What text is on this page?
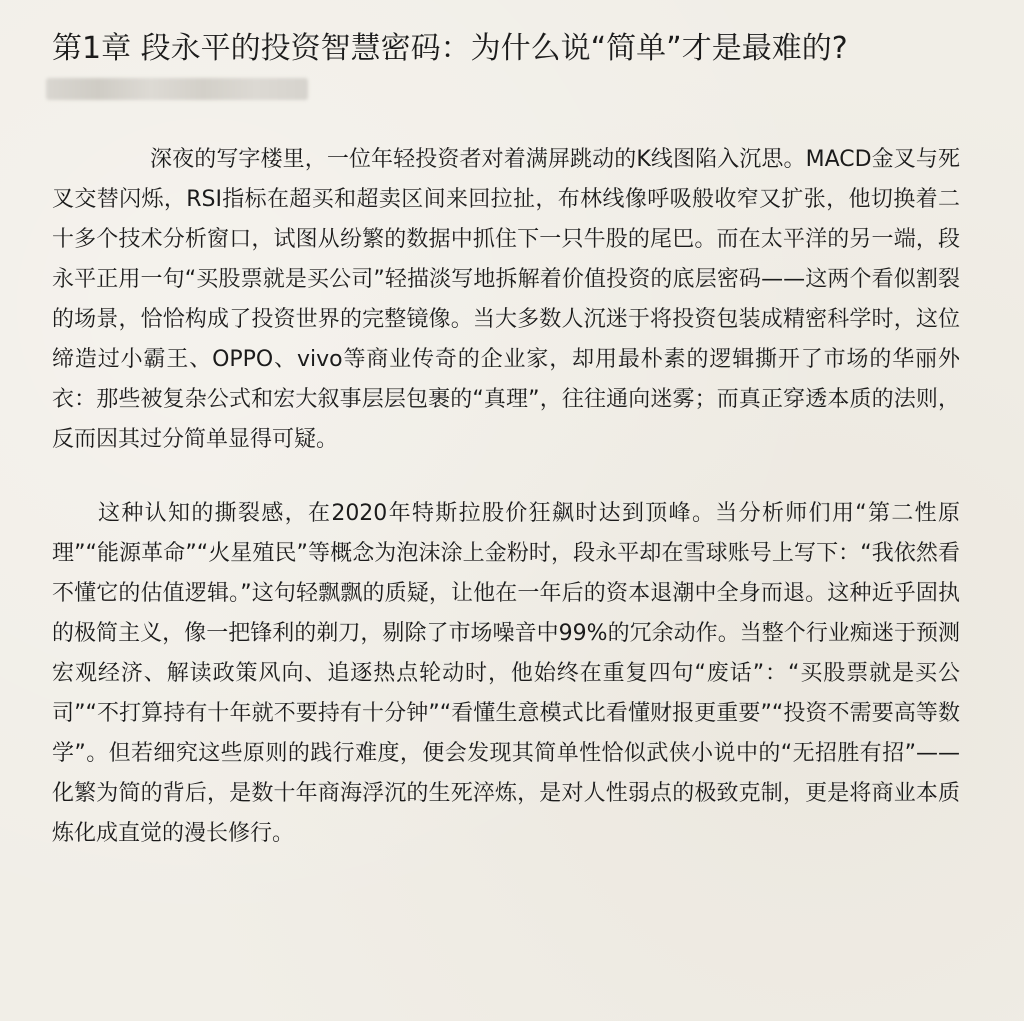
第1章 段永平的投资智慧密码：为什么说“简单”才是最难的?

深夜的写字楼里，一位年轻投资者对着满屏跳动的K线图陷入沉思。MACD金叉与死叉交替闪烁，RSI指标在超买和超卖区间来回拉扯，布林线像呼吸般收窄又扩张，他切换着二十多个技术分析窗口，试图从纷繁的数据中抓住下一只牛股的尾巴。而在太平洋的另一端，段永平正用一句“买股票就是买公司”轻描淡写地拆解着价值投资的底层密码——这两个看似割裂的场景，恰恰构成了投资世界的完整镜像。当大多数人沉迷于将投资包装成精密科学时，这位缔造过小霸王、OPPO、vivo等商业传奇的企业家，却用最朴素的逻辑撕开了市场的华丽外衣：那些被复杂公式和宏大叙事层层包裹的“真理”，往往通向迷雾；而真正穿透本质的法则，反而因其过分简单显得可疑。

这种认知的撕裂感，在2020年特斯拉股价狂飙时达到顶峰。当分析师们用“第二性原理”“能源革命”“火星殖民”等概念为泡沫涂上金粉时，段永平却在雪球账号上写下：“我依然看不懂它的估值逻辑。”这句轻飘飘的质疑，让他在一年后的资本退潮中全身而退。这种近乎固执的极简主义，像一把锋利的剃刀，剔除了市场噪音中99%的冗余动作。当整个行业痴迷于预测宏观经济、解读政策风向、追逐热点轮动时，他始终在重复四句“废话”：“买股票就是买公司”“不打算持有十年就不要持有十分钟”“看懂生意模式比看懂财报更重要”“投资不需要高等数学”。但若细究这些原则的践行难度，便会发现其简单性恰似武侠小说中的“无招胜有招”——化繁为简的背后，是数十年商海浮沉的生死淬炼，是对人性弱点的极致克制，更是将商业本质炼化成直觉的漫长修行。
